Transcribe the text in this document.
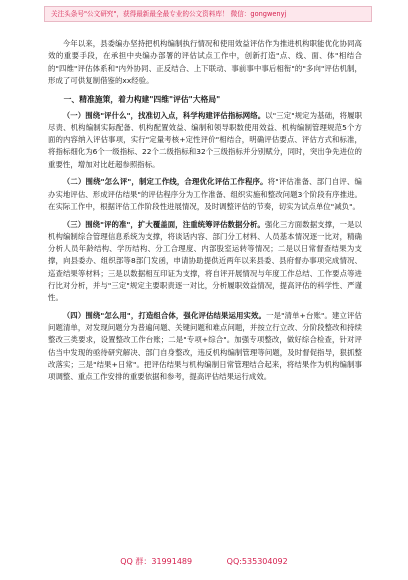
关注头条号"公文研究"，获得最新最全最专业的公文资料库！ 微信：gongwenyj

今年以来，县委编办坚持把机构编制执行情况和使用效益评估作为推进机构职能优化协同高效的重要手段，在承担中央编办部署的评估试点工作中，创新打造"点、线、面、体"相结合的"四维"评估体系和"内外协同、正反结合、上下联动、事前事中事后相衔"的"多向"评估机制，形成了可供复制借鉴的xx经验。

一、精准施策，着力构建"四维"评估"大格局"

（一）围绕"评什么"，找准切入点，科学构建评估指标网络。以"三定"规定为基础，将履职尽责、机构编制实际配备、机构配置效益、编制和领导职数使用效益、机构编制管理规范5个方面的内容纳入评估事项，实行"定量考核+定性评价"相结合，明确评估要点、评估方式和标准，将指标细化为6个一级指标、22个二级指标和32个三级指标并分别赋分，同时，突出争先进位的重要性，增加对比赶超参照指标。

（二）围绕"怎么评"，制定工作线，合理优化评估工作程序。将"评估准备、部门自评、编办实地评估、形成评估结果"的评估程序分为工作准备、组织实施和整改问题3个阶段有序推进。在实际工作中，根据评估工作阶段性进展情况，及时调整评估的节奏，切实为试点单位"减负"。

（三）围绕"评的准"，扩大覆盖面，注重统筹评估数据分析。强化三方面数据支撑，一是以机构编制综合管理信息系统为支撑，将谈话内容、部门分工材料、人员基本情况逐一比对，精确分析人员年龄结构、学历结构、分工合理度、内部股室运转等情况；二是以日常督查结果为支撑，向县委办、组织部等8部门发函，申请协助提供近两年以来县委、县府督办事项完成情况、巡查结果等材料；三是以数据相互印证为支撑，将自评开展情况与年度工作总结、工作要点等进行比对分析，并与"三定"规定主要职责逐一对比，分析履职效益情况，提高评估的科学性、严谨性。

（四）围绕"怎么用"，打造组合体，强化评估结果运用实效。一是"清单+台账"。建立评估问题清单，对发现问题分为普遍问题、关键问题和难点问题，并按立行立改、分阶段整改和持续整改三类要求，设置整改工作台账；二是"专项+综合"。加强专项整改，做好综合检查，针对评估当中发现的亟待研究解决、部门自身整改，违反机构编制管理等问题，及时督促指导，狠抓整改落实；三是"结果+日常"。把评估结果与机构编制日常管理结合起来，将结果作为机构编制事项调整、重点工作安排的重要依据和参考，提高评估结果运行成效。

QQ 群：31991489	QQ:535304092
